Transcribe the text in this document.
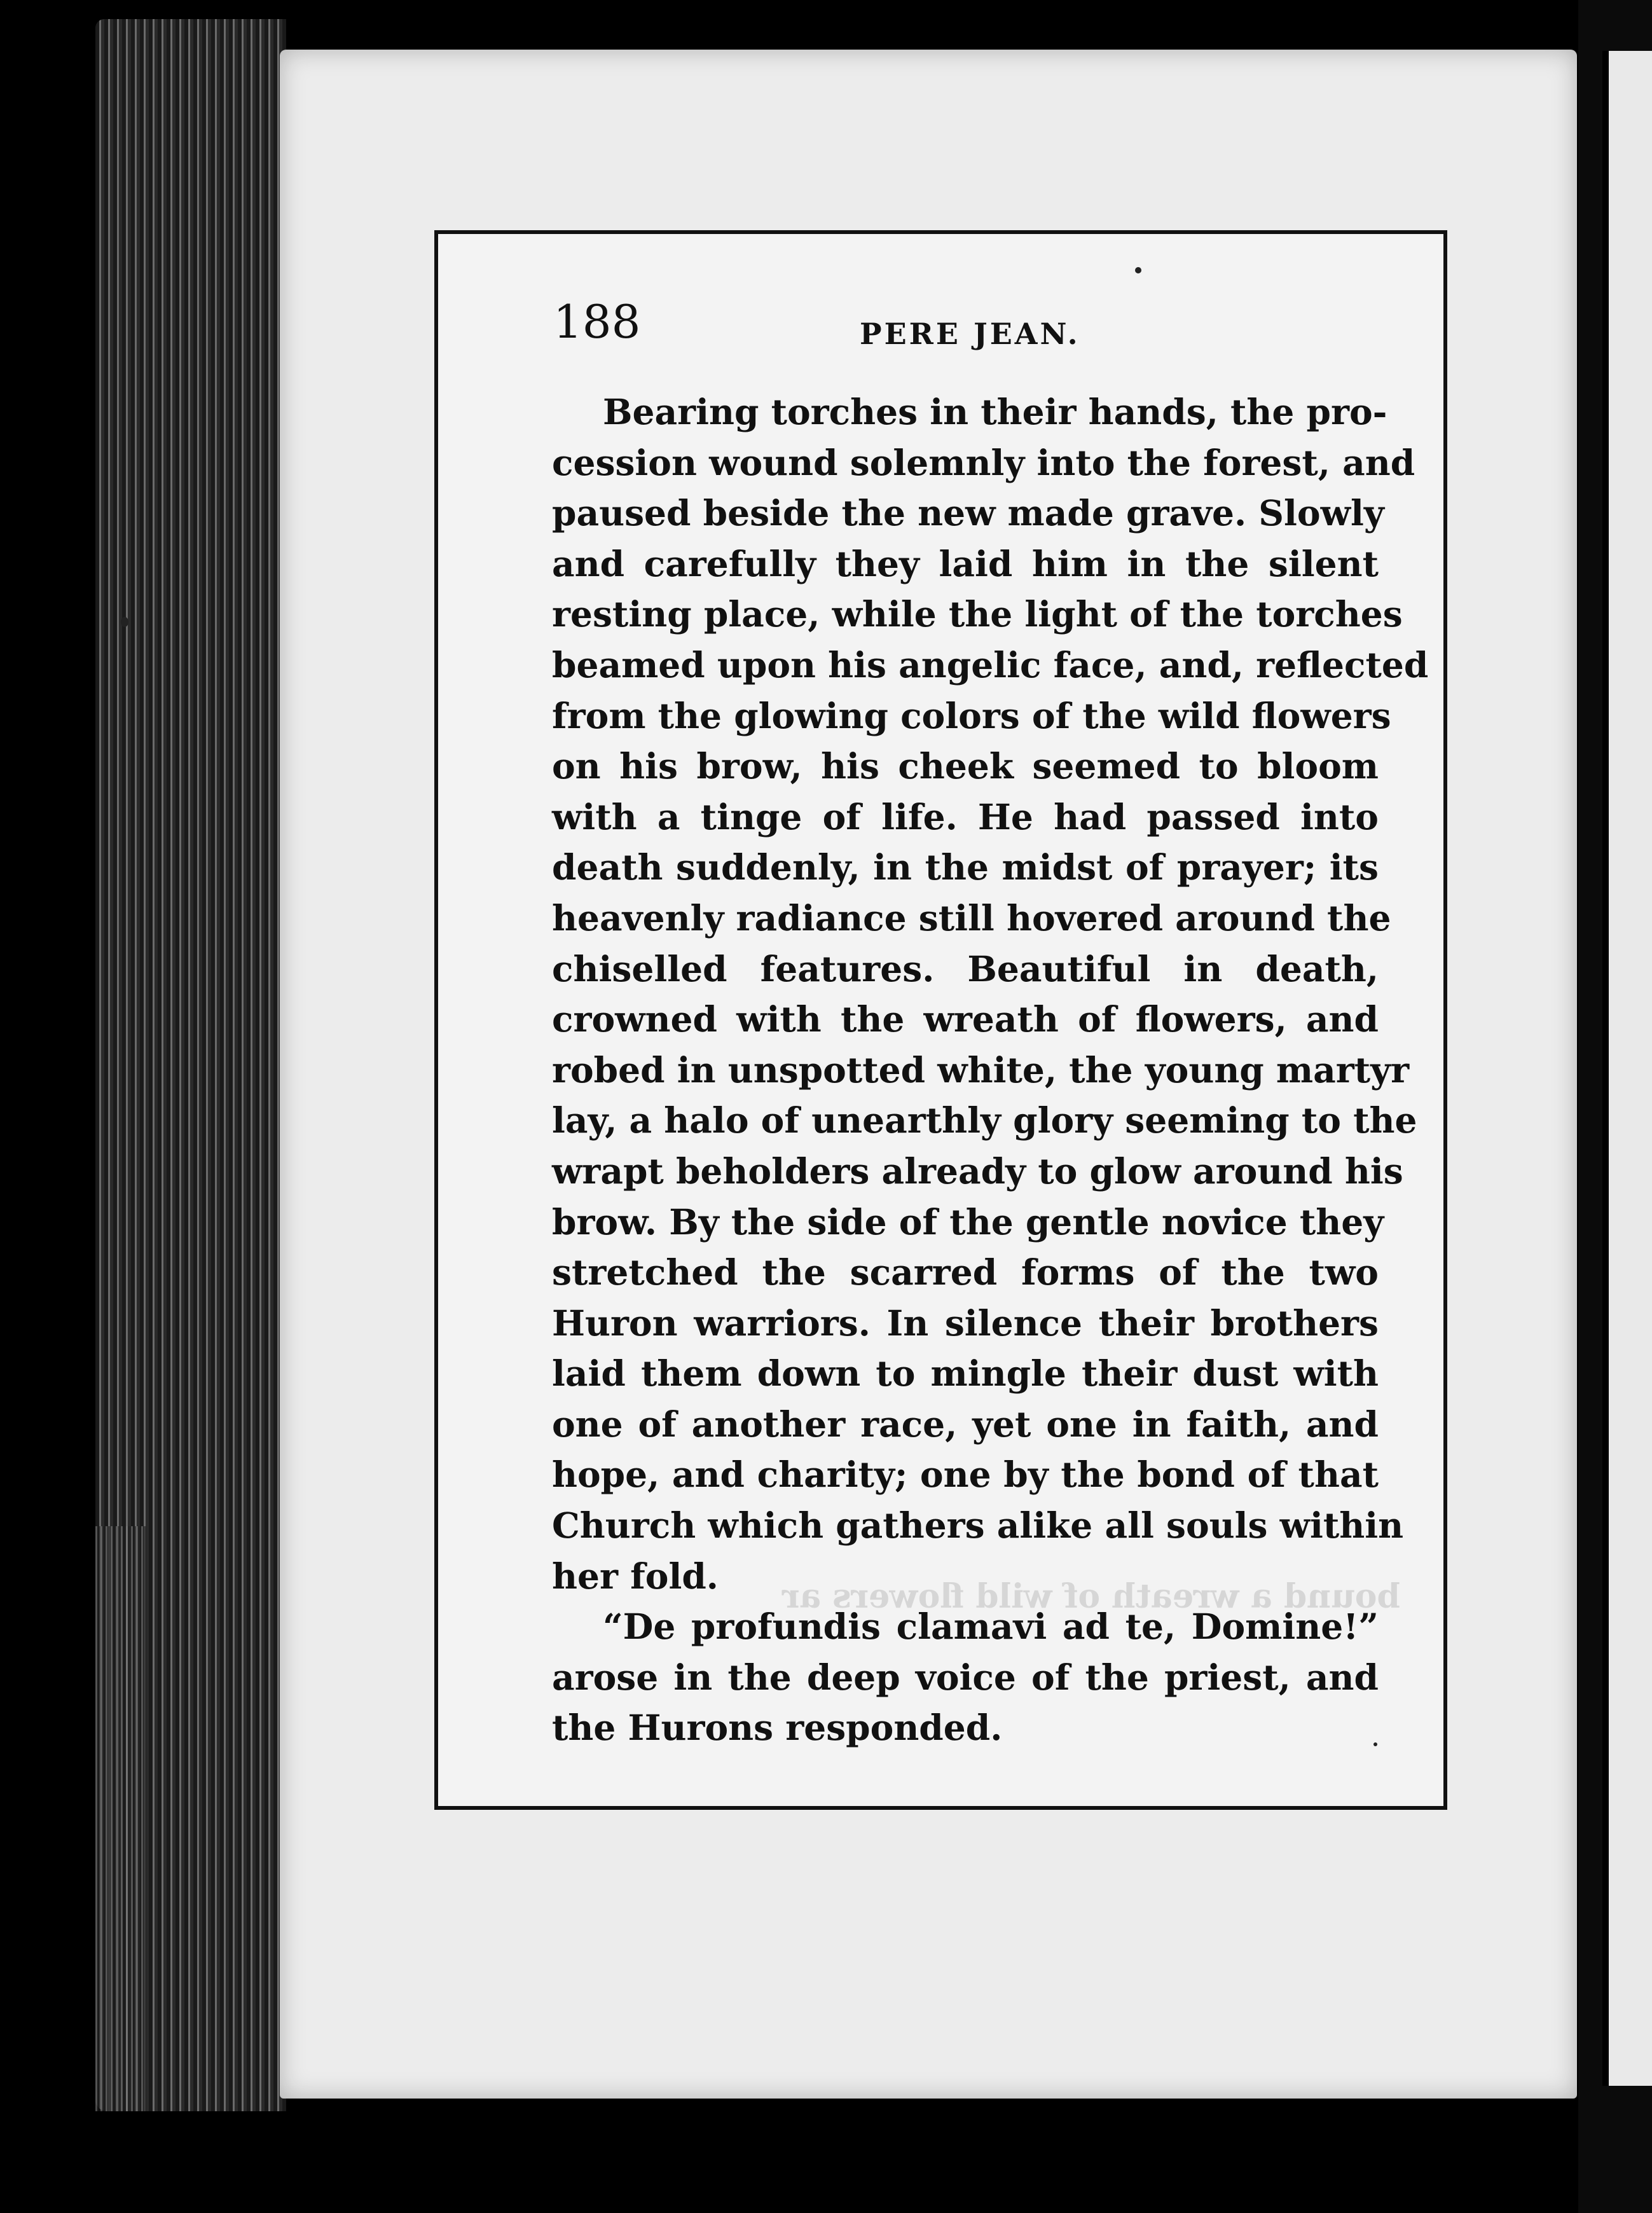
188	PERE JEAN.
bound a wreath of wild flowers ar
Bearing torches in their hands, the pro-
cession wound solemnly into the forest, and
paused beside the new made grave. Slowly
and carefully they laid him in the silent
resting place, while the light of the torches
beamed upon his angelic face, and, reflected
from the glowing colors of the wild flowers
on his brow, his cheek seemed to bloom
with a tinge of life. He had passed into
death suddenly, in the midst of prayer; its
heavenly radiance still hovered around the
chiselled features. Beautiful in death,
crowned with the wreath of flowers, and
robed in unspotted white, the young martyr
lay, a halo of unearthly glory seeming to the
wrapt beholders already to glow around his
brow. By the side of the gentle novice they
stretched the scarred forms of the two
Huron warriors. In silence their brothers
laid them down to mingle their dust with
one of another race, yet one in faith, and
hope, and charity; one by the bond of that
Church which gathers alike all souls within
her fold.
“De profundis clamavi ad te, Domine!”
arose in the deep voice of the priest, and
the Hurons responded.
